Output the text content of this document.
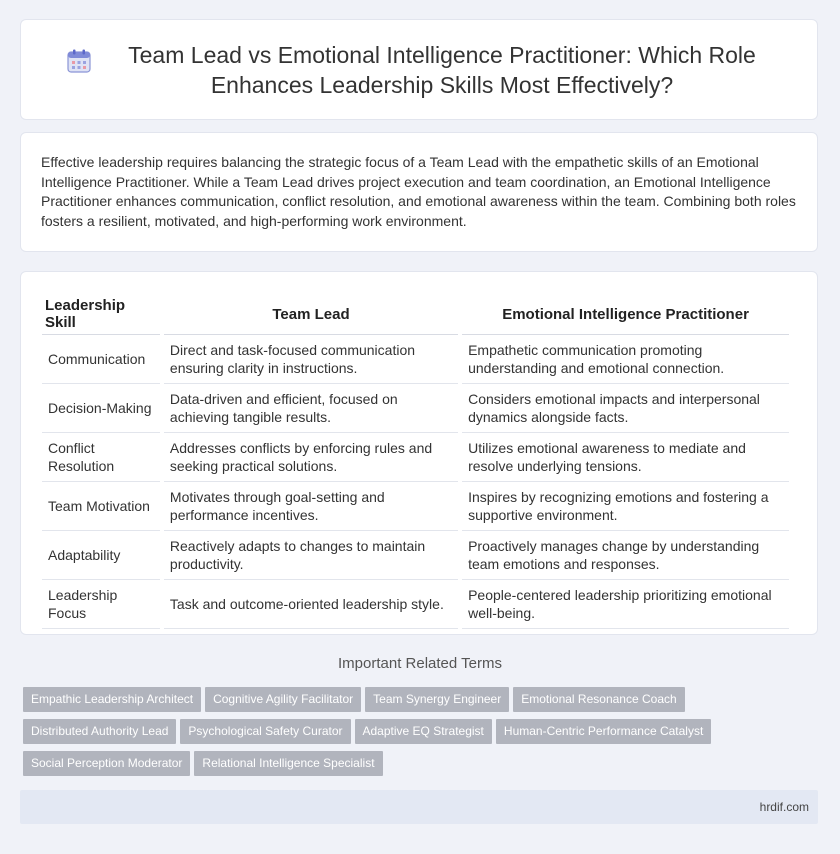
Team Lead vs Emotional Intelligence Practitioner: Which Role Enhances Leadership Skills Most Effectively?

Effective leadership requires balancing the strategic focus of a Team Lead with the empathetic skills of an Emotional Intelligence Practitioner. While a Team Lead drives project execution and team coordination, an Emotional Intelligence Practitioner enhances communication, conflict resolution, and emotional awareness within the team. Combining both roles fosters a resilient, motivated, and high-performing work environment.

Leadership Skill	Team Lead	Emotional Intelligence Practitioner
Communication	Direct and task-focused communication ensuring clarity in instructions.	Empathetic communication promoting understanding and emotional connection.
Decision-Making	Data-driven and efficient, focused on achieving tangible results.	Considers emotional impacts and interpersonal dynamics alongside facts.
Conflict Resolution	Addresses conflicts by enforcing rules and seeking practical solutions.	Utilizes emotional awareness to mediate and resolve underlying tensions.
Team Motivation	Motivates through goal-setting and performance incentives.	Inspires by recognizing emotions and fostering a supportive environment.
Adaptability	Reactively adapts to changes to maintain productivity.	Proactively manages change by understanding team emotions and responses.
Leadership Focus	Task and outcome-oriented leadership style.	People-centered leadership prioritizing emotional well-being.
Important Related Terms
Empathic Leadership Architect Cognitive Agility Facilitator Team Synergy Engineer Emotional Resonance Coach
Distributed Authority Lead Psychological Safety Curator Adaptive EQ Strategist Human-Centric Performance Catalyst
Social Perception Moderator Relational Intelligence Specialist
hrdif.com
